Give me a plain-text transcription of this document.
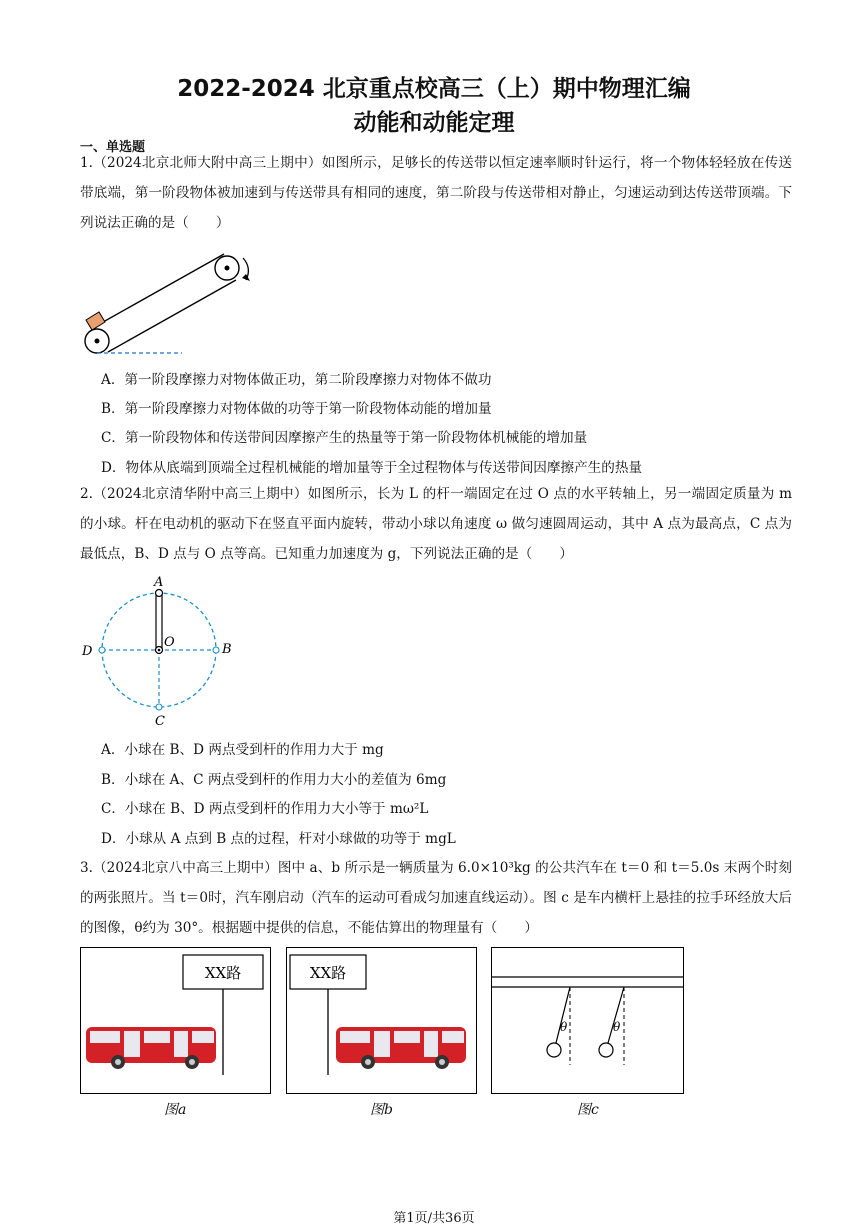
2022-2024 北京重点校高三（上）期中物理汇编
动能和动能定理
一、单选题
1.（2024北京北师大附中高三上期中）如图所示，足够长的传送带以恒定速率顺时针运行，将一个物体轻轻放在传送带底端，第一阶段物体被加速到与传送带具有相同的速度，第二阶段与传送带相对静止，匀速运动到达传送带顶端。下列说法正确的是（　　）
A．第一阶段摩擦力对物体做正功，第二阶段摩擦力对物体不做功
B．第一阶段摩擦力对物体做的功等于第一阶段物体动能的增加量
C．第一阶段物体和传送带间因摩擦产生的热量等于第一阶段物体机械能的增加量
D．物体从底端到顶端全过程机械能的增加量等于全过程物体与传送带间因摩擦产生的热量
2.（2024北京清华附中高三上期中）如图所示，长为 L 的杆一端固定在过 O 点的水平转轴上，另一端固定质量为 m 的小球。杆在电动机的驱动下在竖直平面内旋转，带动小球以角速度 ω 做匀速圆周运动，其中 A 点为最高点，C 点为最低点，B、D 点与 O 点等高。已知重力加速度为 g，下列说法正确的是（　　）
A
O
D	B
C
A．小球在 B、D 两点受到杆的作用力大于 mg
B．小球在 A、C 两点受到杆的作用力大小的差值为 6mg
C．小球在 B、D 两点受到杆的作用力大小等于 mω²L
D．小球从 A 点到 B 点的过程，杆对小球做的功等于 mgL
3.（2024北京八中高三上期中）图中 a、b 所示是一辆质量为 6.0×10³kg 的公共汽车在 t＝0 和 t＝5.0s 末两个时刻的两张照片。当 t＝0时，汽车刚启动（汽车的运动可看成匀加速直线运动）。图 c 是车内横杆上悬挂的拉手环经放大后的图像，θ约为 30°。根据题中提供的信息，不能估算出的物理量有（　　）
XX路	XX路
θ	θ
图a	图b	图c
第1页/共36页
